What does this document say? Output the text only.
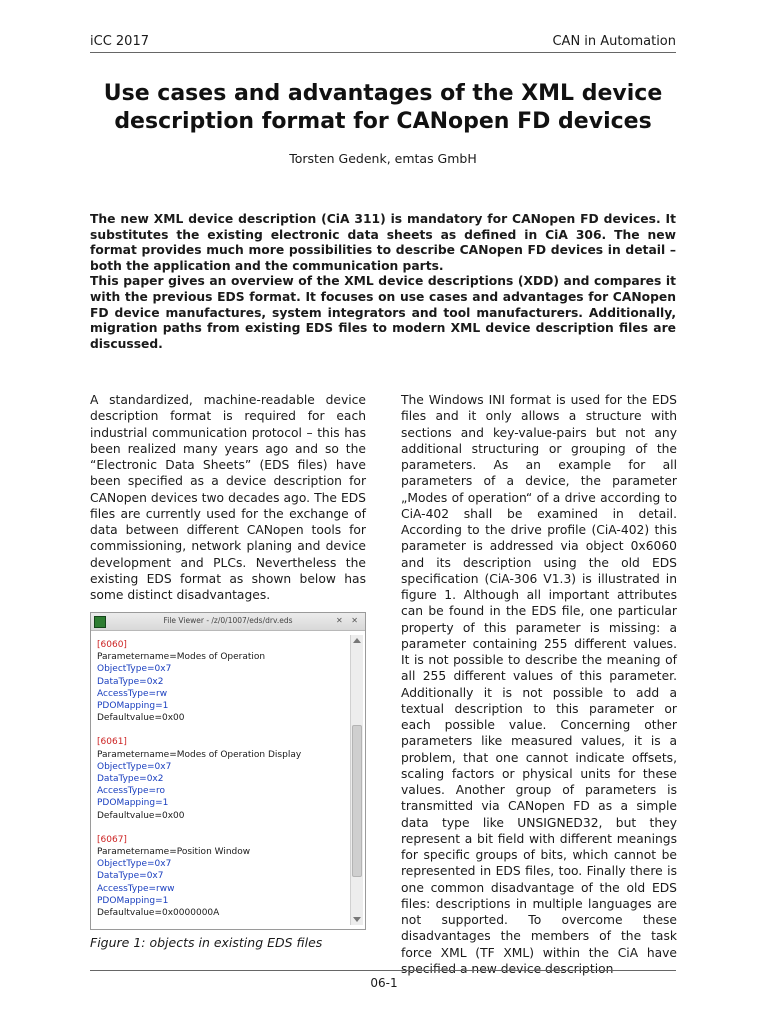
iCC 2017	CAN in Automation
Use cases and advantages of the XML device
description format for CANopen FD devices
Torsten Gedenk, emtas GmbH

The new XML device description (CiA 311) is mandatory for CANopen FD devices. It substitutes the existing electronic data sheets as defined in CiA 306. The new format provides much more possibilities to describe CANopen FD devices in detail – both the application and the communication parts.

This paper gives an overview of the XML device descriptions (XDD) and compares it with the previous EDS format. It focuses on use cases and advantages for CANopen FD device manufactures, system integrators and tool manufacturers. Additionally, migration paths from existing EDS files to modern XML device description files are discussed.

A standardized, machine-readable device description format is required for each industrial communication protocol – this has been realized many years ago and so the “Electronic Data Sheets” (EDS files) have been specified as a device description for CANopen devices two decades ago. The EDS files are currently used for the exchange of data between different CANopen tools for commissioning, network planing and device development and PLCs. Nevertheless the existing EDS format as shown below has some distinct disadvantages.

File Viewer - /z/0/1007/eds/drv.eds	✕ ✕
[6060]
Parametername=Modes of Operation
ObjectType=0x7
DataType=0x2
AccessType=rw
PDOMapping=1
Defaultvalue=0x00
[6061]
Parametername=Modes of Operation Display
ObjectType=0x7
DataType=0x2
AccessType=ro
PDOMapping=1
Defaultvalue=0x00
[6067]
Parametername=Position Window
ObjectType=0x7
DataType=0x7
AccessType=rww
PDOMapping=1
Defaultvalue=0x0000000A
Figure 1: objects in existing EDS files

The Windows INI format is used for the EDS files and it only allows a structure with sections and key-value-pairs but not any additional structuring or grouping of the parameters. As an example for all parameters of a device, the parameter „Modes of operation“ of a drive according to CiA-402 shall be examined in detail. According to the drive profile (CiA-402) this parameter is addressed via object 0x6060 and its description using the old EDS specification (CiA-306 V1.3) is illustrated in figure 1. Although all important attributes can be found in the EDS file, one particular property of this parameter is missing: a parameter containing 255 different values. It is not possible to describe the meaning of all 255 different values of this parameter. Additionally it is not possible to add a textual description to this parameter or each possible value. Concerning other parameters like measured values, it is a problem, that one cannot indicate offsets, scaling factors or physical units for these values. Another group of parameters is transmitted via CANopen FD as a simple data type like UNSIGNED32, but they represent a bit field with different meanings for specific groups of bits, which cannot be represented in EDS files, too. Finally there is one common disadvantage of the old EDS files: descriptions in multiple languages are not supported. To overcome these disadvantages the members of the task force XML (TF XML) within the CiA have specified a new device description

06-1
